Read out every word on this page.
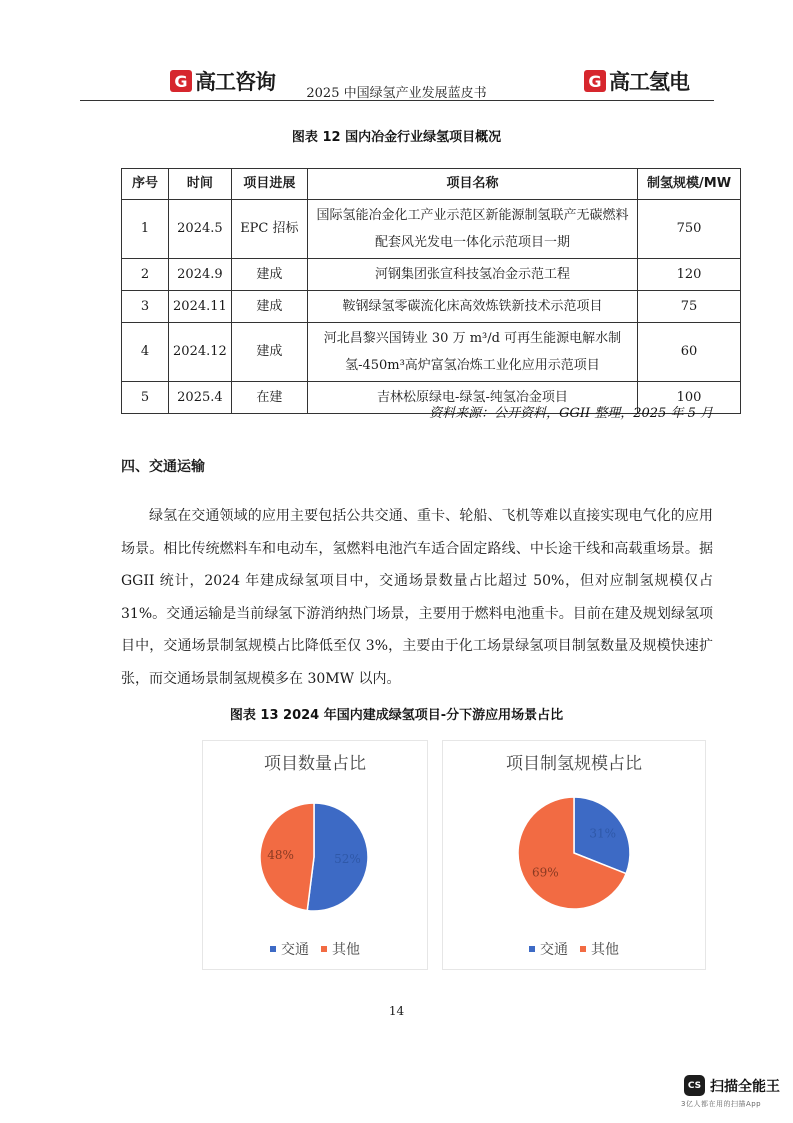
G 高工咨询	2025 中国绿氢产业发展蓝皮书
G 高工氢电
图表 12 国内冶金行业绿氢项目概况
序号	时间	项目进展	项目名称	制氢规模/MW
1	2024.5	EPC 招标	国际氢能冶金化工产业示范区新能源制氢联产无碳燃料配套风光发电一体化示范项目一期	750
2	2024.9	建成	河钢集团张宣科技氢冶金示范工程	120
3	2024.11	建成	鞍钢绿氢零碳流化床高效炼铁新技术示范项目	75
4	2024.12	建成	河北昌黎兴国铸业 30 万 m³/d 可再生能源电解水制氢-450m³高炉富氢冶炼工业化应用示范项目	60
5	2025.4	在建	吉林松原绿电-绿氢-纯氢冶金项目	100
资料来源：公开资料，GGII 整理，2025 年 5 月
四、交通运输

绿氢在交通领域的应用主要包括公共交通、重卡、轮船、飞机等难以直接实现电气化的应用场景。相比传统燃料车和电动车，氢燃料电池汽车适合固定路线、中长途干线和高载重场景。据 GGII 统计，2024 年建成绿氢项目中，交通场景数量占比超过 50%，但对应制氢规模仅占 31%。交通运输是当前绿氢下游消纳热门场景，主要用于燃料电池重卡。目前在建及规划绿氢项目中，交通场景制氢规模占比降低至仅 3%，主要由于化工场景绿氢项目制氢数量及规模快速扩张，而交通场景制氢规模多在 30MW 以内。

图表 13 2024 年国内建成绿氢项目-分下游应用场景占比
项目数量占比
52%
48%
交通 其他
项目制氢规模占比
31%
69%
交通 其他
14
CS 扫描全能王
3亿人都在用的扫描App
